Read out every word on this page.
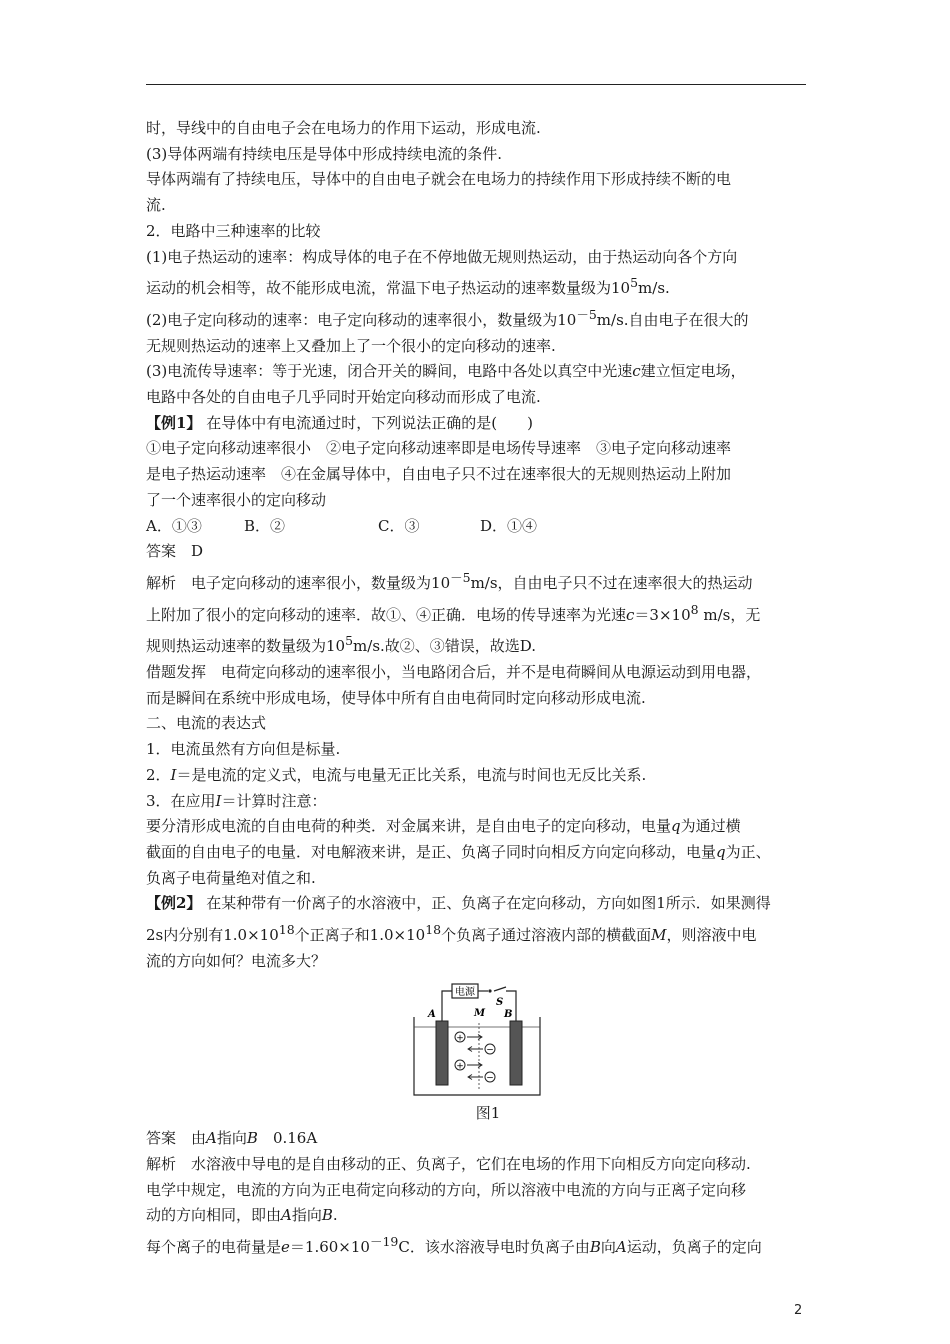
时，导线中的自由电子会在电场力的作用下运动，形成电流.

(3)导体两端有持续电压是导体中形成持续电流的条件.

导体两端有了持续电压，导体中的自由电子就会在电场力的持续作用下形成持续不断的电

流.

2．电路中三种速率的比较

(1)电子热运动的速率：构成导体的电子在不停地做无规则热运动，由于热运动向各个方向

运动的机会相等，故不能形成电流，常温下电子热运动的速率数量级为$10^5m/s$.

(2)电子定向移动的速率：电子定向移动的速率很小，数量级为$10^{-5}m/s$.自由电子在很大的

无规则热运动的速率上又叠加上了一个很小的定向移动的速率.

(3)电流传导速率：等于光速，闭合开关的瞬间，电路中各处以真空中光速c建立恒定电场，

电路中各处的自由电子几乎同时开始定向移动而形成了电流.

【例1】 在导体中有电流通过时，下列说法正确的是(　　)

①电子定向移动速率很小　②电子定向移动速率即是电场传导速率　③电子定向移动速率

是电子热运动速率　④在金属导体中，自由电子只不过在速率很大的无规则热运动上附加

了一个速率很小的定向移动

A．①③	B．②	C．③	D．①④

答案　 D

解析　 电子定向移动的速率很小，数量级为$10^{-5}m/s$，自由电子只不过在速率很大的热运动

上附加了很小的定向移动的速率．故①、④正确．电场的传导速率为光速$c=3\times 10^8$ m/s，无

规则热运动速率的数量级为$10^5m/s$.故②、③错误，故选D.

借题发挥　 电荷定向移动的速率很小，当电路闭合后，并不是电荷瞬间从电源运动到用电器，

而是瞬间在系统中形成电场，使导体中所有自由电荷同时定向移动形成电流.

二、电流的表达式

1．电流虽然有方向但是标量.

2．I＝是电流的定义式，电流与电量无正比关系，电流与时间也无反比关系.

3．在应用I＝计算时注意：

要分清形成电流的自由电荷的种类．对金属来讲，是自由电子的定向移动，电量q为通过横

截面的自由电子的电量．对电解液来讲，是正、负离子同时向相反方向定向移动，电量q为正、

负离子电荷量绝对值之和.

【例2】 在某种带有一价离子的水溶液中，正、负离子在定向移动，方向如图1所示．如果测得

2s内分别有$1.0\times 10^{18}$个正离子和$1.0\times 10^{18}$个负离子通过溶液内部的横截面M，则溶液中电

流的方向如何？电流多大？

电源
S
A	M B
+
−
+
−

图1

答案　 由A指向B　 0.16A

解析　 水溶液中导电的是自由移动的正、负离子，它们在电场的作用下向相反方向定向移动.

电学中规定，电流的方向为正电荷定向移动的方向，所以溶液中电流的方向与正离子定向移

动的方向相同，即由A指向B.

每个离子的电荷量是$e=1.60\times 10^{-19}C$．该水溶液导电时负离子由B向A运动，负离子的定向

2
